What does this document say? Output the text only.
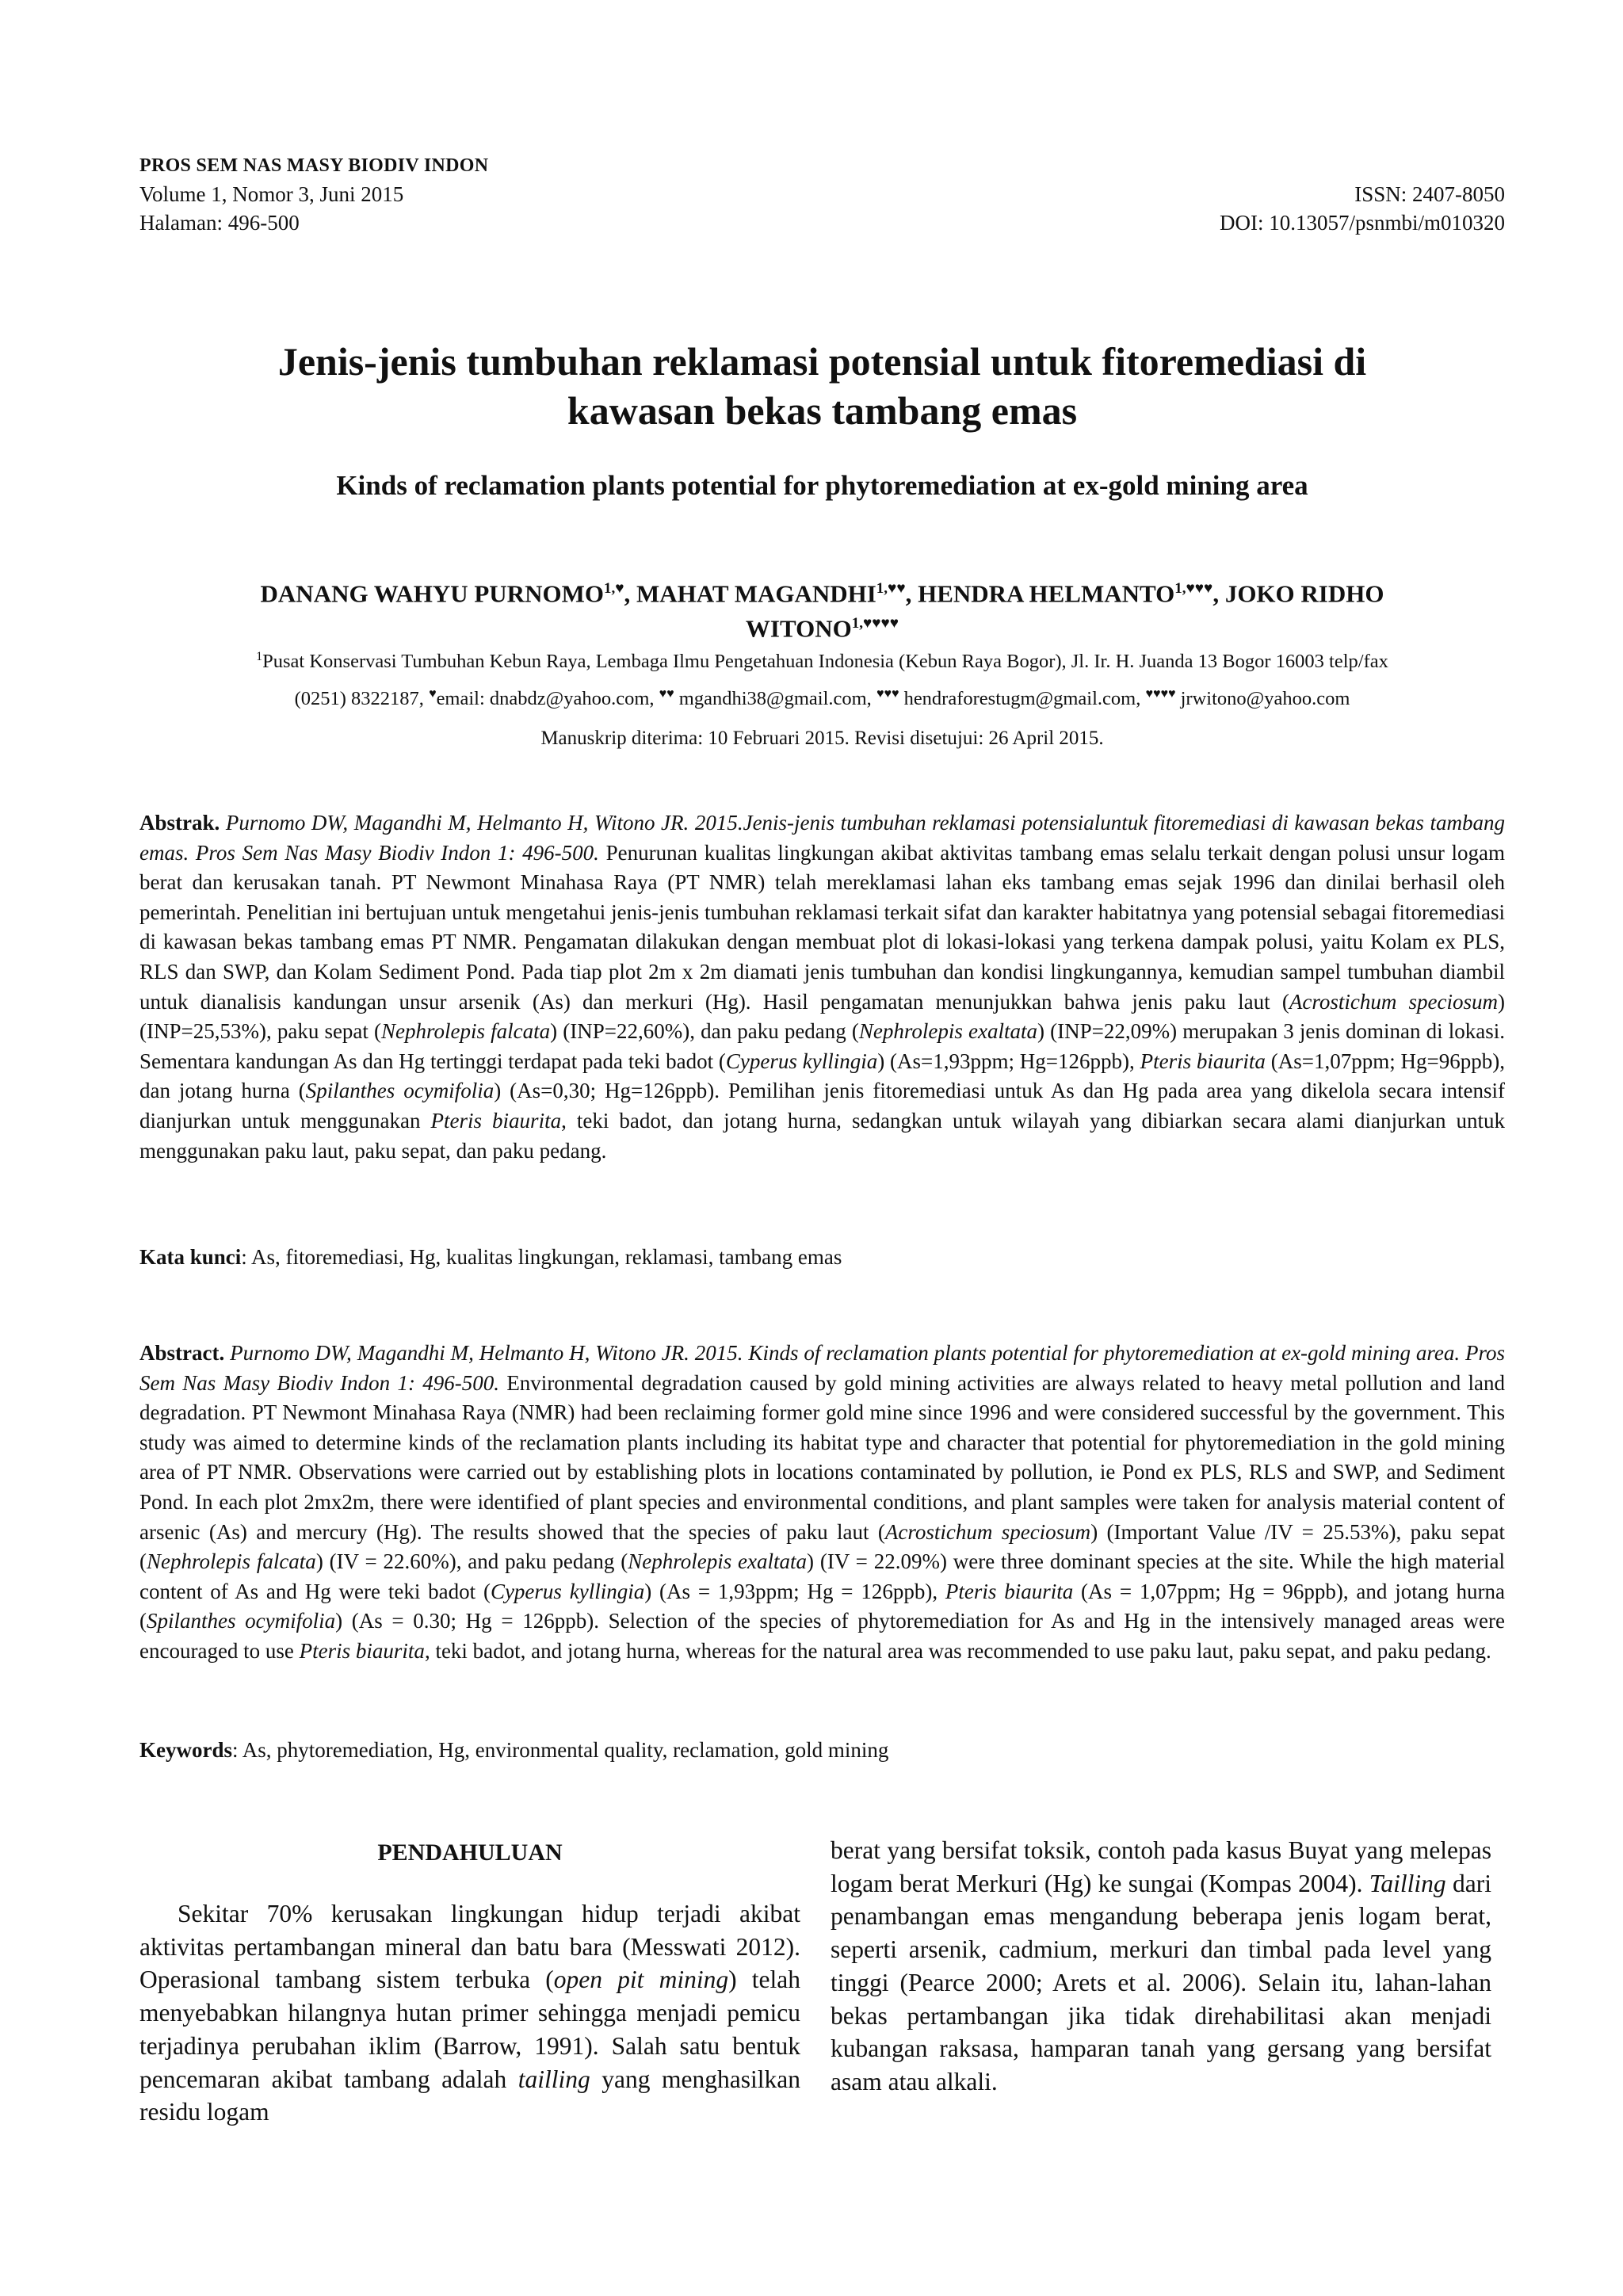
PROS SEM NAS MASY BIODIV INDON
Volume 1, Nomor 3, Juni 2015
Halaman: 496-500
ISSN: 2407-8050
DOI: 10.13057/psnmbi/m010320
Jenis-jenis tumbuhan reklamasi potensial untuk fitoremediasi di
kawasan bekas tambang emas
Kinds of reclamation plants potential for phytoremediation at ex-gold mining area
DANANG WAHYU $PURNOMO^{1,♥}$, MAHAT $MAGANDHI^{1,♥♥}$, HENDRA $HELMANTO^{1,♥♥♥}$, JOKO RIDHO
$WITONO^{1,♥♥♥♥}$
$^1$Pusat Konservasi Tumbuhan Kebun Raya, Lembaga Ilmu Pengetahuan Indonesia (Kebun Raya Bogor), Jl. Ir. H. Juanda 13 Bogor 16003 telp/fax
(0251) 8322187, ♥email: dnabdz@yahoo.com, ♥♥ mgandhi38@gmail.com, ♥♥♥ hendraforestugm@gmail.com, ♥♥♥♥ jrwitono@yahoo.com
Manuskrip diterima: 10 Februari 2015. Revisi disetujui: 26 April 2015.
Abstrak. Purnomo DW, Magandhi M, Helmanto H, Witono JR. 2015.Jenis-jenis tumbuhan reklamasi potensialuntuk fitoremediasi di kawasan bekas tambang emas. Pros Sem Nas Masy Biodiv Indon 1: 496-500. Penurunan kualitas lingkungan akibat aktivitas tambang emas selalu terkait dengan polusi unsur logam berat dan kerusakan tanah. PT Newmont Minahasa Raya (PT NMR) telah mereklamasi lahan eks tambang emas sejak 1996 dan dinilai berhasil oleh pemerintah. Penelitian ini bertujuan untuk mengetahui jenis-jenis tumbuhan reklamasi terkait sifat dan karakter habitatnya yang potensial sebagai fitoremediasi di kawasan bekas tambang emas PT NMR. Pengamatan dilakukan dengan membuat plot di lokasi-lokasi yang terkena dampak polusi, yaitu Kolam ex PLS, RLS dan SWP, dan Kolam Sediment Pond. Pada tiap plot 2m x 2m diamati jenis tumbuhan dan kondisi lingkungannya, kemudian sampel tumbuhan diambil untuk dianalisis kandungan unsur arsenik (As) dan merkuri (Hg). Hasil pengamatan menunjukkan bahwa jenis paku laut (Acrostichum speciosum) (INP=25,53%), paku sepat (Nephrolepis falcata) (INP=22,60%), dan paku pedang (Nephrolepis exaltata) (INP=22,09%) merupakan 3 jenis dominan di lokasi. Sementara kandungan As dan Hg tertinggi terdapat pada teki badot (Cyperus kyllingia) (As=1,93ppm; Hg=126ppb), Pteris biaurita (As=1,07ppm; Hg=96ppb), dan jotang hurna (Spilanthes ocymifolia) (As=0,30; Hg=126ppb). Pemilihan jenis fitoremediasi untuk As dan Hg pada area yang dikelola secara intensif dianjurkan untuk menggunakan Pteris biaurita, teki badot, dan jotang hurna, sedangkan untuk wilayah yang dibiarkan secara alami dianjurkan untuk menggunakan paku laut, paku sepat, dan paku pedang.
Kata kunci: As, fitoremediasi, Hg, kualitas lingkungan, reklamasi, tambang emas
Abstract. Purnomo DW, Magandhi M, Helmanto H, Witono JR. 2015. Kinds of reclamation plants potential for phytoremediation at ex-gold mining area. Pros Sem Nas Masy Biodiv Indon 1: 496-500. Environmental degradation caused by gold mining activities are always related to heavy metal pollution and land degradation. PT Newmont Minahasa Raya (NMR) had been reclaiming former gold mine since 1996 and were considered successful by the government. This study was aimed to determine kinds of the reclamation plants including its habitat type and character that potential for phytoremediation in the gold mining area of PT NMR. Observations were carried out by establishing plots in locations contaminated by pollution, ie Pond ex PLS, RLS and SWP, and Sediment Pond. In each plot 2mx2m, there were identified of plant species and environmental conditions, and plant samples were taken for analysis material content of arsenic (As) and mercury (Hg). The results showed that the species of paku laut (Acrostichum speciosum) (Important Value /IV = 25.53%), paku sepat (Nephrolepis falcata) (IV = 22.60%), and paku pedang (Nephrolepis exaltata) (IV = 22.09%) were three dominant species at the site. While the high material content of As and Hg were teki badot (Cyperus kyllingia) (As = 1,93ppm; Hg = 126ppb), Pteris biaurita (As = 1,07ppm; Hg = 96ppb), and jotang hurna (Spilanthes ocymifolia) (As = 0.30; Hg = 126ppb). Selection of the species of phytoremediation for As and Hg in the intensively managed areas were encouraged to use Pteris biaurita, teki badot, and jotang hurna, whereas for the natural area was recommended to use paku laut, paku sepat, and paku pedang.
Keywords: As, phytoremediation, Hg, environmental quality, reclamation, gold mining
PENDAHULUAN
Sekitar 70% kerusakan lingkungan hidup terjadi akibat aktivitas pertambangan mineral dan batu bara (Messwati 2012). Operasional tambang sistem terbuka (open pit mining) telah menyebabkan hilangnya hutan primer sehingga menjadi pemicu terjadinya perubahan iklim (Barrow, 1991). Salah satu bentuk pencemaran akibat tambang adalah tailling yang menghasilkan residu logam
berat yang bersifat toksik, contoh pada kasus Buyat yang melepas logam berat Merkuri (Hg) ke sungai (Kompas 2004). Tailling dari penambangan emas mengandung beberapa jenis logam berat, seperti arsenik, cadmium, merkuri dan timbal pada level yang tinggi (Pearce 2000; Arets et al. 2006). Selain itu, lahan-lahan bekas pertambangan jika tidak direhabilitasi akan menjadi kubangan raksasa, hamparan tanah yang gersang yang bersifat asam atau alkali.
